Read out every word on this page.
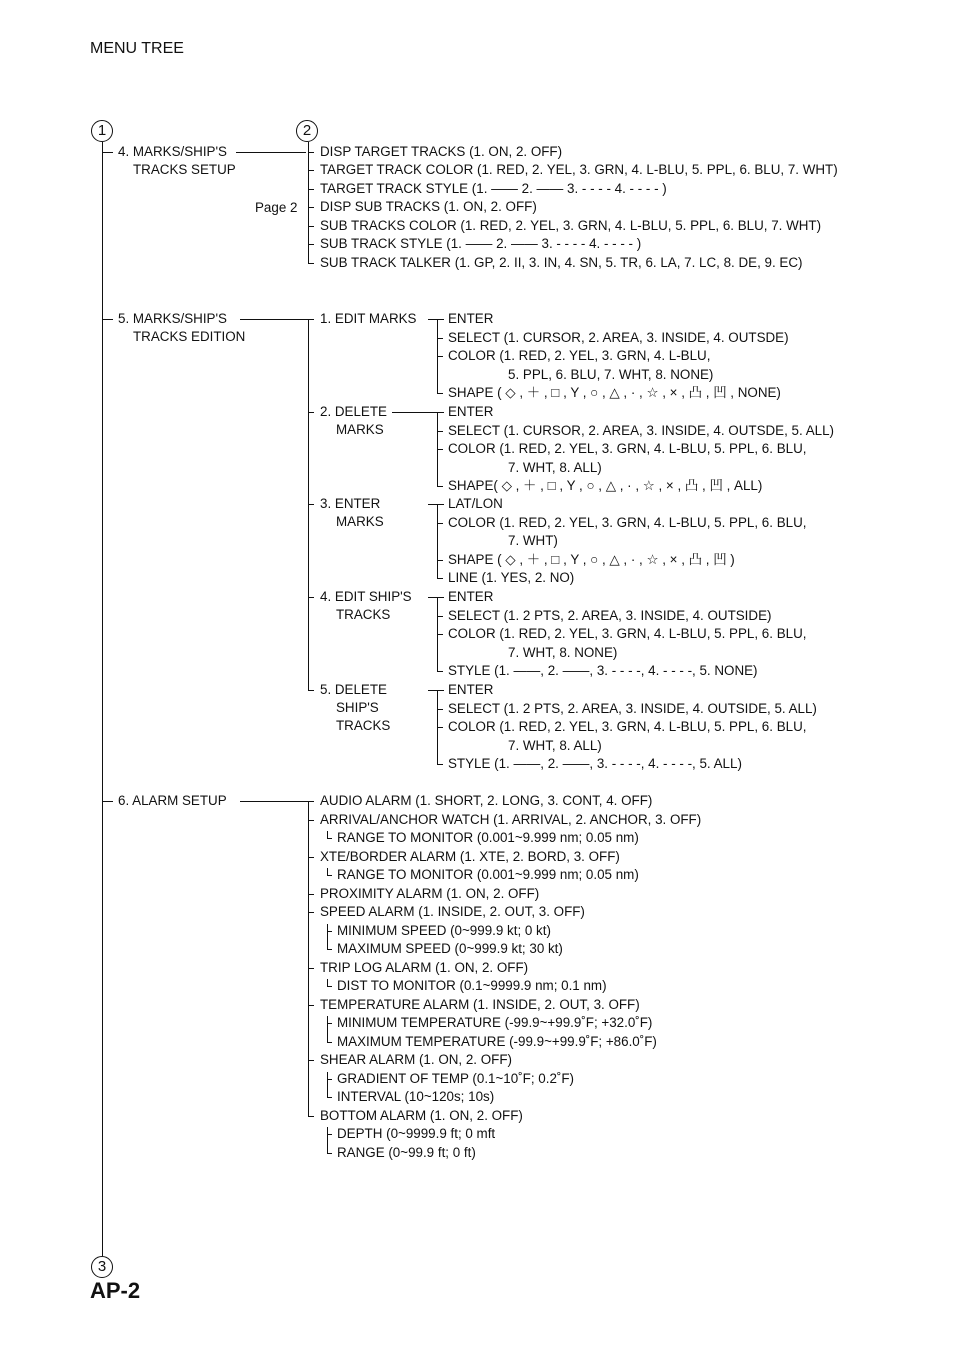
MENU TREE
AP-2
1	2
3
4. MARKS/SHIP'S
TRACKS SETUP
Page 2
DISP TARGET TRACKS (1. ON, 2. OFF)
TARGET TRACK COLOR (1. RED, 2. YEL, 3. GRN, 4. L-BLU, 5. PPL, 6. BLU, 7. WHT)
TARGET TRACK STYLE (1. —— 2. —— 3. - - - - 4. - - - - )
DISP SUB TRACKS (1. ON, 2. OFF)
SUB TRACKS COLOR (1. RED, 2. YEL, 3. GRN, 4. L-BLU, 5. PPL, 6. BLU, 7. WHT)
SUB TRACK STYLE (1. —— 2. —— 3. - - - - 4. - - - - )
SUB TRACK TALKER (1. GP, 2. II, 3. IN, 4. SN, 5. TR, 6. LA, 7. LC, 8. DE, 9. EC)
5. MARKS/SHIP'S
TRACKS EDITION
1. EDIT MARKS ENTER
SELECT (1. CURSOR, 2. AREA, 3. INSIDE, 4. OUTSDE)
COLOR (1. RED, 2. YEL, 3. GRN, 4. L-BLU,
5. PPL, 6. BLU, 7. WHT, 8. NONE)
SHAPE ( ◇ , ＋ , □ , Y , ○ , △ , · , ☆ , × , 凸 , 凹 , NONE)
2. DELETE
MARKS
ENTER
SELECT (1. CURSOR, 2. AREA, 3. INSIDE, 4. OUTSDE, 5. ALL)
COLOR (1. RED, 2. YEL, 3. GRN, 4. L-BLU, 5. PPL, 6. BLU,
7. WHT, 8. ALL)
SHAPE( ◇ , ＋ , □ , Y , ○ , △ , · , ☆ , × , 凸 , 凹 , ALL)
3. ENTER
MARKS
LAT/LON
COLOR (1. RED, 2. YEL, 3. GRN, 4. L-BLU, 5. PPL, 6. BLU,
7. WHT)
SHAPE ( ◇ , ＋ , □ , Y , ○ , △ , · , ☆ , × , 凸 , 凹 )
LINE (1. YES, 2. NO)
4. EDIT SHIP'S
TRACKS
ENTER
SELECT (1. 2 PTS, 2. AREA, 3. INSIDE, 4. OUTSIDE)
COLOR (1. RED, 2. YEL, 3. GRN, 4. L-BLU, 5. PPL, 6. BLU,
7. WHT, 8. NONE)
STYLE (1. ——, 2. ——, 3. - - - -, 4. - - - -, 5. NONE)
5. DELETE
SHIP'S
TRACKS
ENTER
SELECT (1. 2 PTS, 2. AREA, 3. INSIDE, 4. OUTSIDE, 5. ALL)
COLOR (1. RED, 2. YEL, 3. GRN, 4. L-BLU, 5. PPL, 6. BLU,
7. WHT, 8. ALL)
STYLE (1. ——, 2. ——, 3. - - - -, 4. - - - -, 5. ALL)
6. ALARM SETUP	AUDIO ALARM (1. SHORT, 2. LONG, 3. CONT, 4. OFF)
ARRIVAL/ANCHOR WATCH (1. ARRIVAL, 2. ANCHOR, 3. OFF)
RANGE TO MONITOR (0.001~9.999 nm; 0.05 nm)
XTE/BORDER ALARM (1. XTE, 2. BORD, 3. OFF)
RANGE TO MONITOR (0.001~9.999 nm; 0.05 nm)
PROXIMITY ALARM (1. ON, 2. OFF)
SPEED ALARM (1. INSIDE, 2. OUT, 3. OFF)
MINIMUM SPEED (0~999.9 kt; 0 kt)
MAXIMUM SPEED (0~999.9 kt; 30 kt)
TRIP LOG ALARM (1. ON, 2. OFF)
DIST TO MONITOR (0.1~9999.9 nm; 0.1 nm)
TEMPERATURE ALARM (1. INSIDE, 2. OUT, 3. OFF)
MINIMUM TEMPERATURE (-99.9~+99.9˚F; +32.0˚F)
MAXIMUM TEMPERATURE (-99.9~+99.9˚F; +86.0˚F)
SHEAR ALARM (1. ON, 2. OFF)
GRADIENT OF TEMP (0.1~10˚F; 0.2˚F)
INTERVAL (10~120s; 10s)
BOTTOM ALARM (1. ON, 2. OFF)
DEPTH (0~9999.9 ft; 0 mft
RANGE (0~99.9 ft; 0 ft)
